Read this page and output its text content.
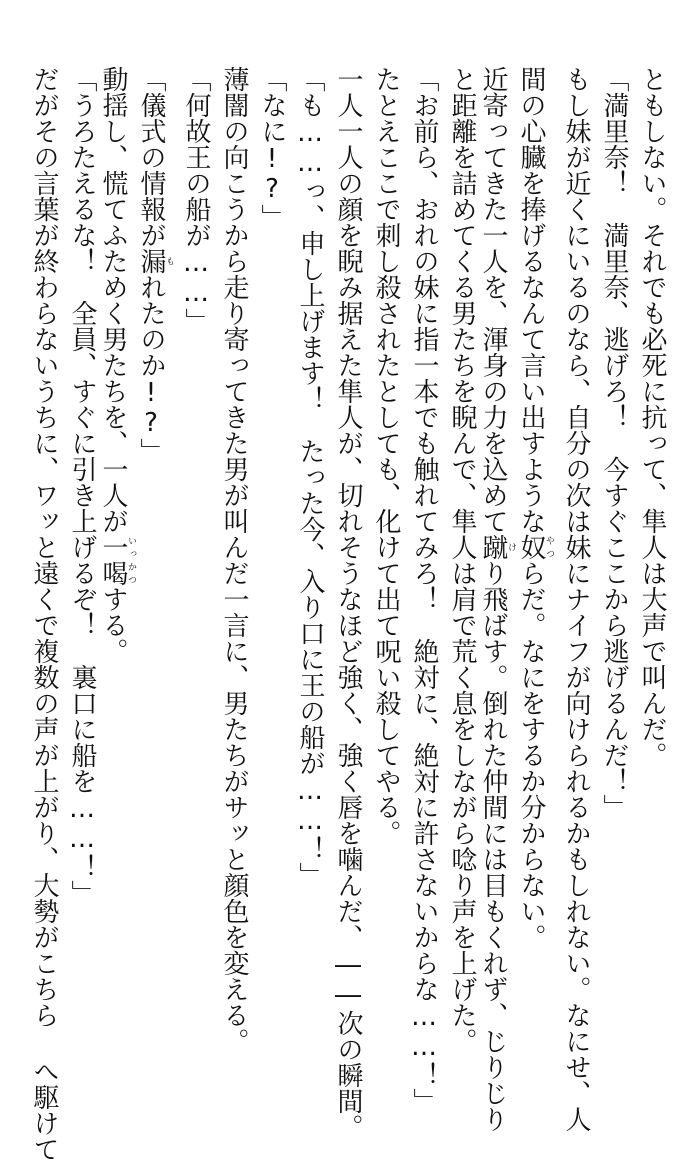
ともしない。それでも必死に抗って、隼人は大声で叫んだ。
「満里奈！　満里奈、逃げろ！　今すぐここから逃げるんだ！」
もし妹が近くにいるのなら、自分の次は妹にナイフが向けられるかもしれない。なにせ、人
間の心臓を捧げるなんて言い出すような奴やつらだ。なにをするか分からない。
近寄ってきた一人を、渾身の力を込めて蹴けり飛ばす。倒れた仲間には目もくれず、じりじり
と距離を詰めてくる男たちを睨んで、隼人は肩で荒く息をしながら唸り声を上げた。
「お前ら、おれの妹に指一本でも触れてみろ！　絶対に、絶対に許さないからな……！」
たとえここで刺し殺されたとしても、化けて出て呪い殺してやる。
一人一人の顔を睨み据えた隼人が、切れそうなほど強く、強く唇を噛んだ、――次の瞬間。
「も……っ、申し上げます！　たった今、入り口に王の船が……！」
「なに!?」
薄闇の向こうから走り寄ってきた男が叫んだ一言に、男たちがサッと顔色を変える。
「何故王の船が……」
「儀式の情報が漏もれたのか!?」
動揺し、慌てふためく男たちを、一人が一喝いっかつする。
「うろたえるな！　全員、すぐに引き上げるぞ！　裏口に船を……！」
だがその言葉が終わらないうちに、ワッと遠くで複数の声が上がり、大勢がこちら へ駆けて
